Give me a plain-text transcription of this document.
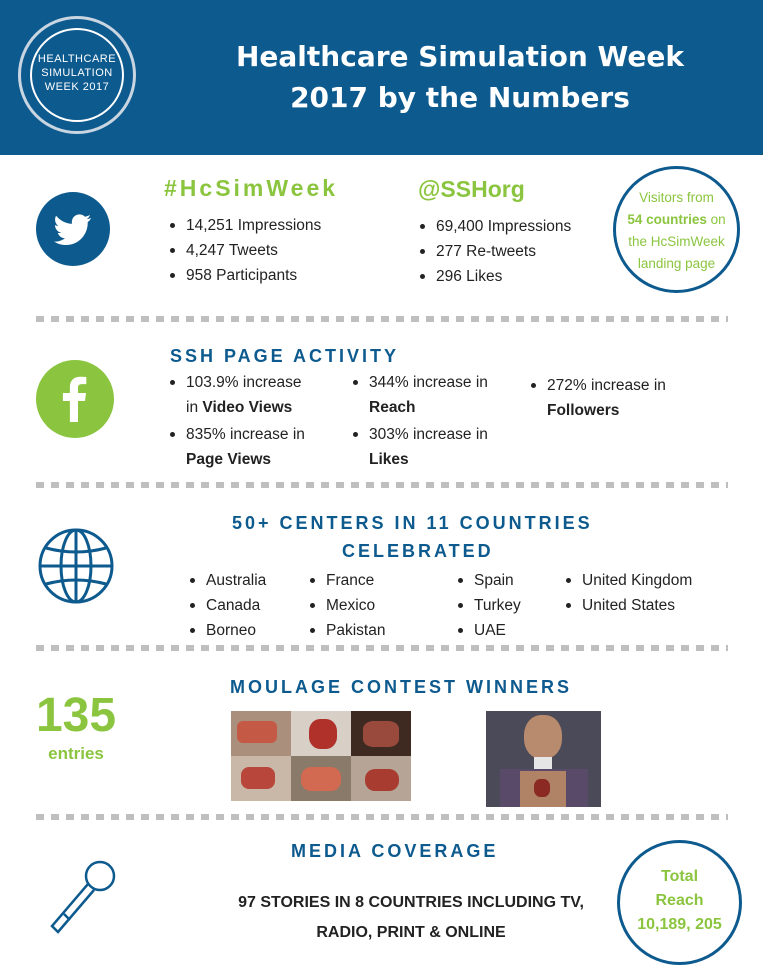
HEALTHCARE
SIMULATION
WEEK 2017
Healthcare Simulation Week
2017 by the Numbers
#HcSimWeek
14,251 Impressions
4,247 Tweets
958 Participants
@SSHorg
69,400 Impressions
277 Re-tweets
296 Likes
Visitors from
54 countries on
the HcSimWeek
landing page
SSH PAGE ACTIVITY
103.9% increase
in Video Views
835% increase in
Page Views
344% increase in
Reach
303% increase in
Likes
272% increase in
Followers
50+ CENTERS IN 11 COUNTRIES
CELEBRATED
Australia
Canada
Borneo
France
Mexico
Pakistan
Spain
Turkey
UAE
United Kingdom
United States
135
entries
MOULAGE CONTEST WINNERS
MEDIA COVERAGE
97 STORIES IN 8 COUNTRIES INCLUDING TV,
RADIO, PRINT & ONLINE
Total
Reach
10,189, 205
